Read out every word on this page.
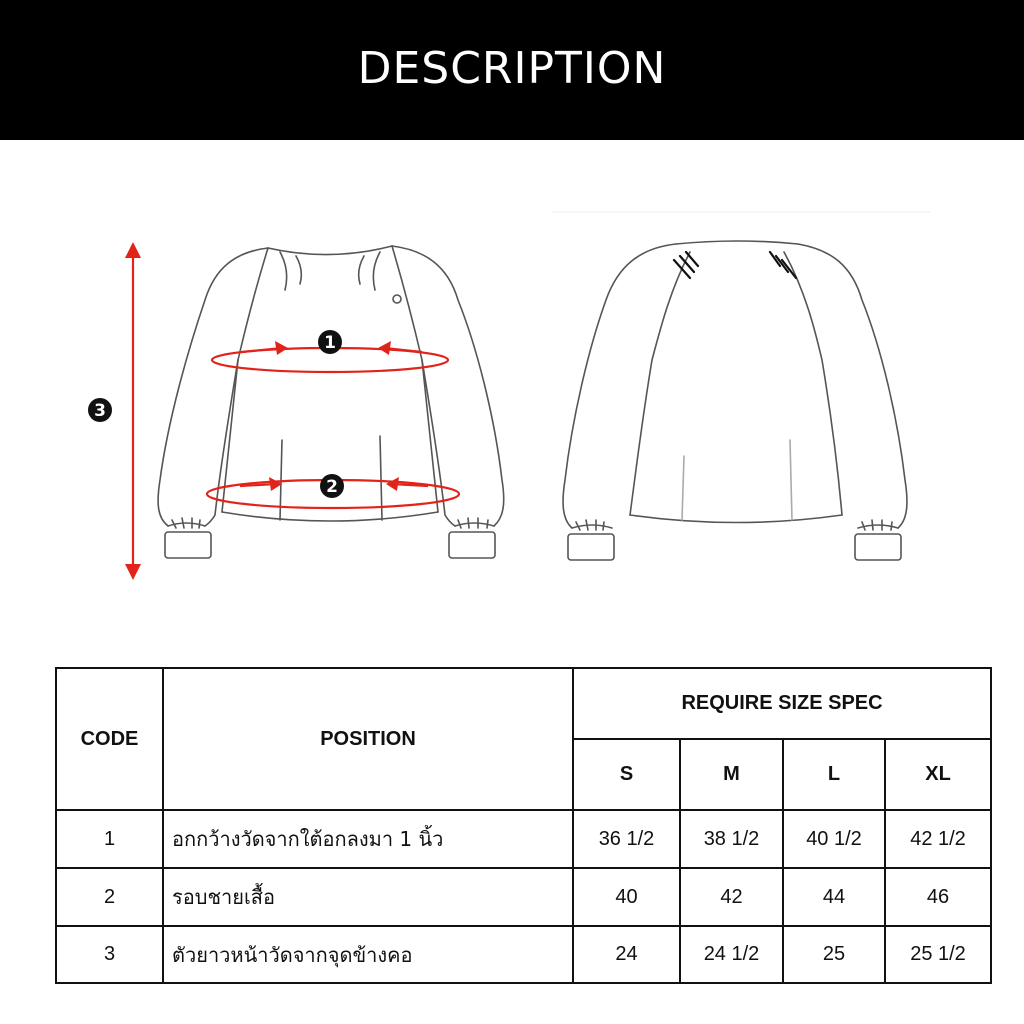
DESCRIPTION
1
2
3
CODE	POSITION	REQUIRE SIZE SPEC			
		S	M	L	XL
1	อกกว้างวัดจากใต้อกลงมา 1 นิ้ว	36 1/2	38 1/2	40 1/2	42 1/2
2	รอบชายเสื้อ	40	42	44	46
3	ตัวยาวหน้าวัดจากจุดข้างคอ	24	24 1/2	25	25 1/2
